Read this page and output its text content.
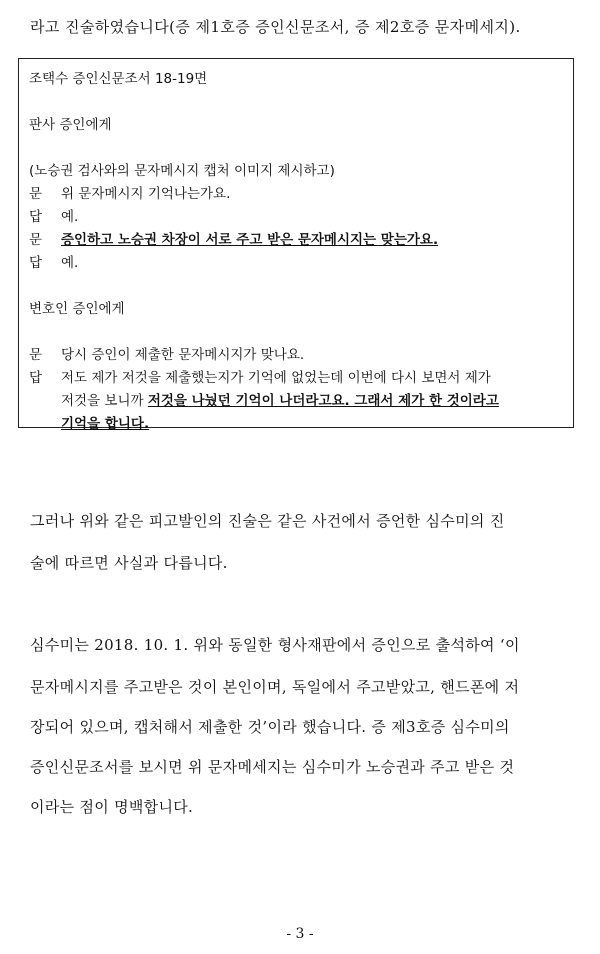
라고 진술하였습니다(증 제1호증 증인신문조서, 증 제2호증 문자메세지).
조택수 증인신문조서 18-19면
판사 증인에게
(노승권 검사와의 문자메시지 캡처 이미지 제시하고)
문 위 문자메시지 기억나는가요.
답 예.
문 증인하고 노승권 차장이 서로 주고 받은 문자메시지는 맞는가요.
답 예.
변호인 증인에게
문 당시 증인이 제출한 문자메시지가 맞나요.
답 저도 제가 저것을 제출했는지가 기억에 없었는데 이번에 다시 보면서 제가
저것을 보니까 저것을 나눴던 기억이 나더라고요. 그래서 제가 한 것이라고
기억을 합니다.
그러나 위와 같은 피고발인의 진술은 같은 사건에서 증언한 심수미의 진
술에 따르면 사실과 다릅니다.
심수미는 2018. 10. 1. 위와 동일한 형사재판에서 증인으로 출석하여 ‘이
문자메시지를 주고받은 것이 본인이며, 독일에서 주고받았고, 핸드폰에 저
장되어 있으며, 캡처해서 제출한 것’이라 했습니다. 증 제3호증 심수미의
증인신문조서를 보시면 위 문자메세지는 심수미가 노승권과 주고 받은 것
이라는 점이 명백합니다.
- 3 -
